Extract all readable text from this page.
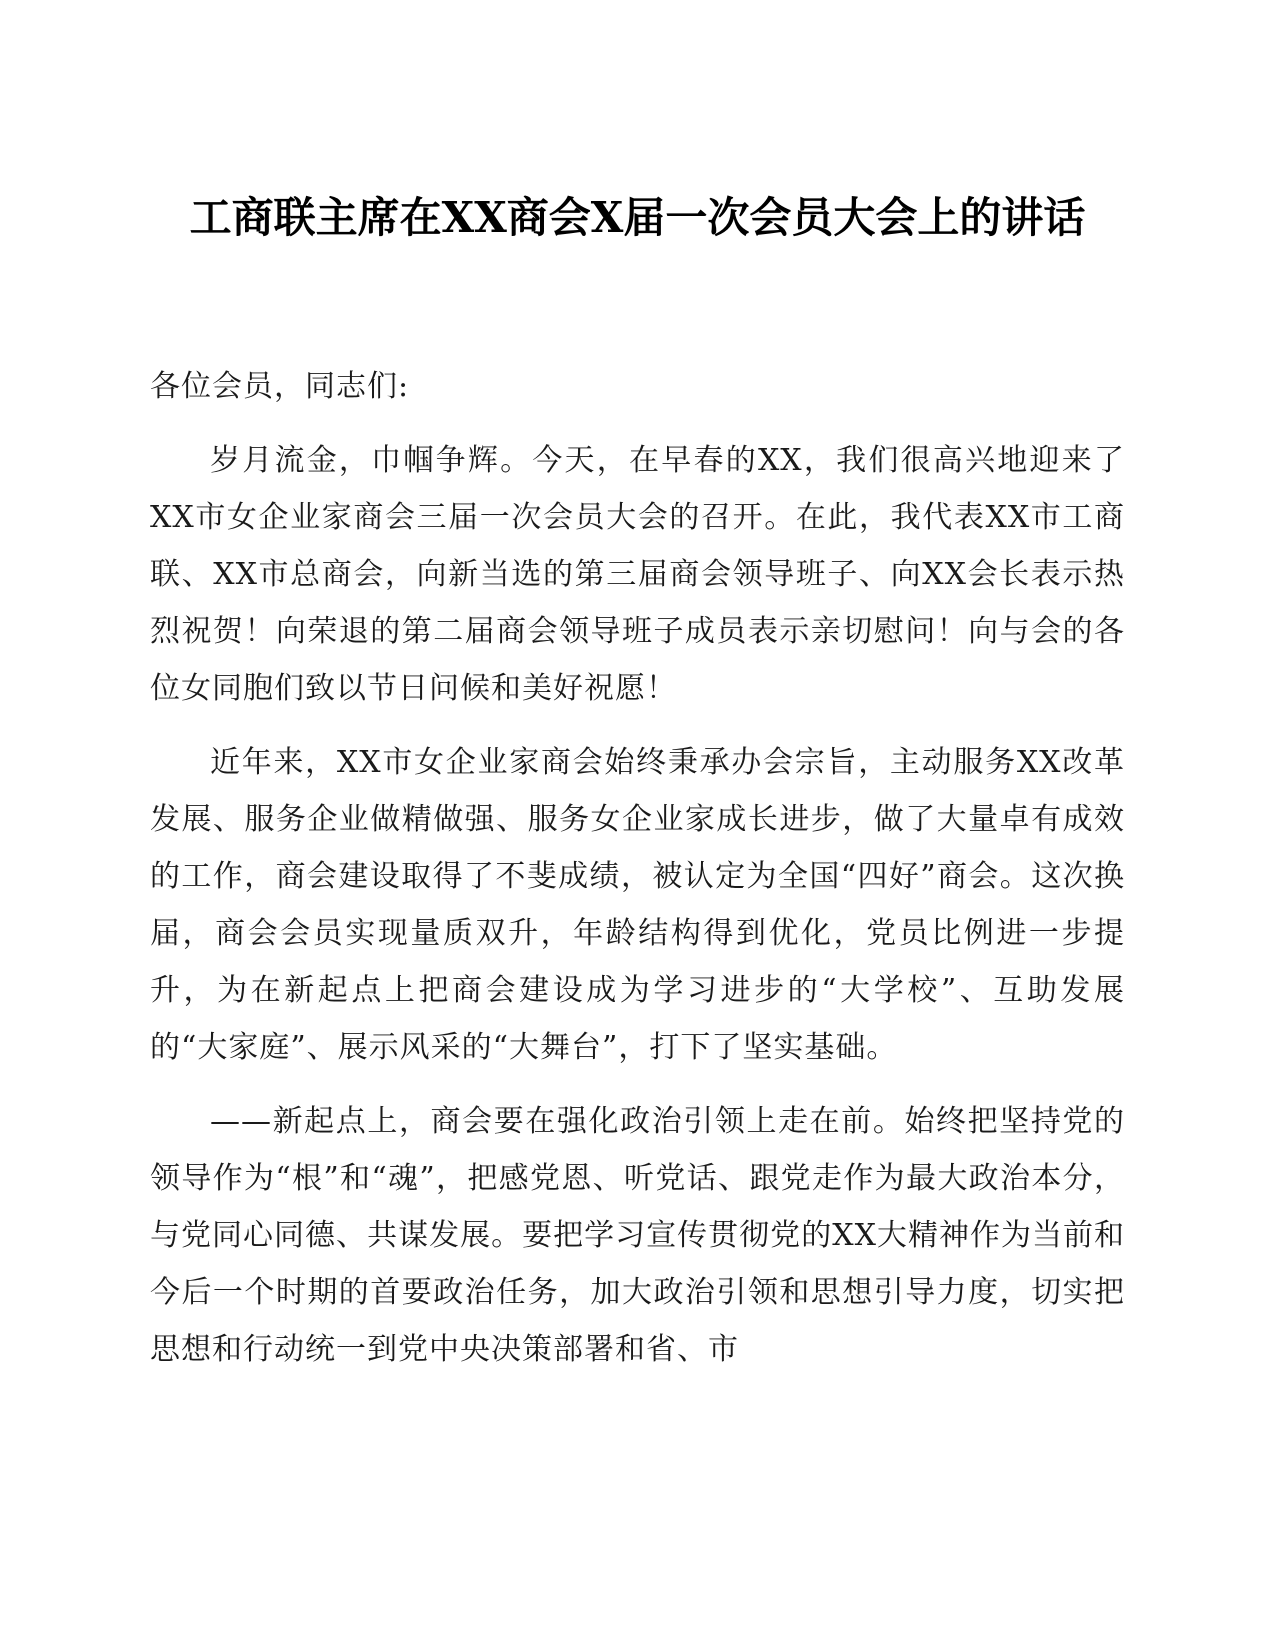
工商联主席在XX商会X届一次会员大会上的讲话

各位会员，同志们:

岁月流金，巾帼争辉。今天，在早春的XX，我们很高兴地迎来了XX市女企业家商会三届一次会员大会的召开。在此，我代表XX市工商联、XX市总商会，向新当选的第三届商会领导班子、向XX会长表示热烈祝贺！向荣退的第二届商会领导班子成员表示亲切慰问！向与会的各位女同胞们致以节日问候和美好祝愿！

近年来，XX市女企业家商会始终秉承办会宗旨，主动服务XX改革发展、服务企业做精做强、服务女企业家成长进步，做了大量卓有成效的工作，商会建设取得了不斐成绩，被认定为全国“四好”商会。这次换届，商会会员实现量质双升，年龄结构得到优化，党员比例进一步提升，为在新起点上把商会建设成为学习进步的“大学校”、互助发展的“大家庭”、展示风采的“大舞台”，打下了坚实基础。

——新起点上，商会要在强化政治引领上走在前。始终把坚持党的领导作为“根”和“魂”，把感党恩、听党话、跟党走作为最大政治本分，与党同心同德、共谋发展。要把学习宣传贯彻党的XX大精神作为当前和今后一个时期的首要政治任务，加大政治引领和思想引导力度，切实把思想和行动统一到党中央决策部署和省、市
